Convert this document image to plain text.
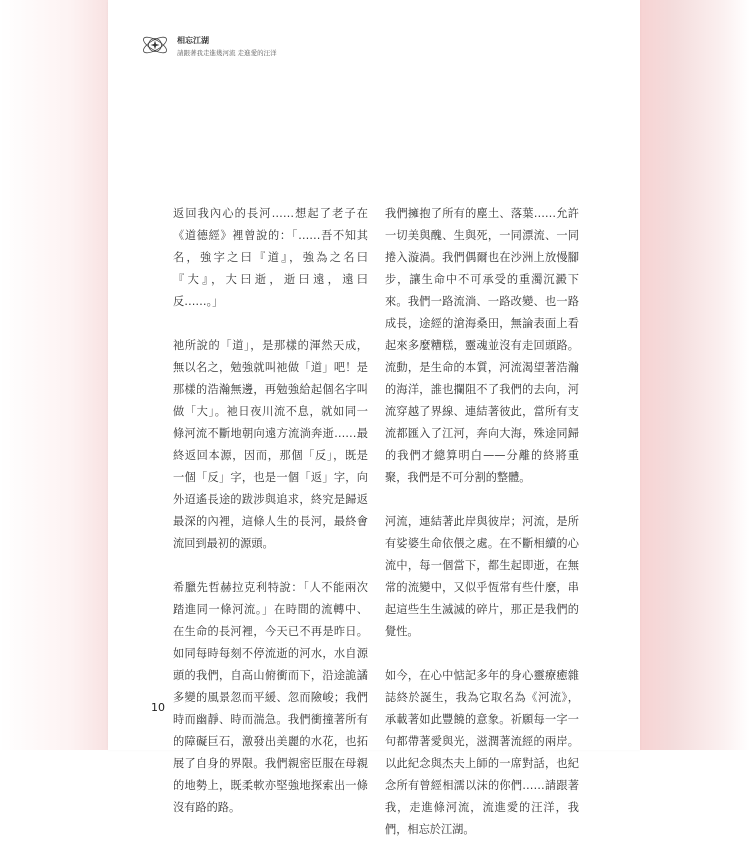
相忘江湖
請跟著我走進幾河流 走進愛的汪洋

返回我內心的長河……想起了老子在《道德經》裡曾說的：「……吾不知其名，強字之曰『道』，強為之名曰『大』，大曰逝，逝曰遠，遠曰反……。」

祂所說的「道」，是那樣的渾然天成，無以名之，勉強就叫祂做「道」吧！是那樣的浩瀚無邊，再勉強給起個名字叫做「大」。祂日夜川流不息，就如同一條河流不斷地朝向遠方流淌奔逝……最終返回本源，因而，那個「反」，既是一個「反」字，也是一個「返」字，向外迢遙長途的跋涉與追求，終究是歸返最深的內裡，這條人生的長河，最終會流回到最初的源頭。

希臘先哲赫拉克利特說：「人不能兩次踏進同一條河流。」在時間的流轉中、在生命的長河裡，今天已不再是昨日。如同每時每刻不停流逝的河水，水自源頭的我們，自高山俯衝而下，沿途詭譎多變的風景忽而平緩、忽而險峻；我們時而幽靜、時而湍急。我們衝撞著所有的障礙巨石，激發出美麗的水花，也拓展了自身的界限。我們親密臣服在母親的地勢上，既柔軟亦堅強地探索出一條沒有路的路。

我們擁抱了所有的塵土、落葉……允許一切美與醜、生與死，一同漂流、一同捲入漩渦。我們偶爾也在沙洲上放慢腳步，讓生命中不可承受的重濁沉澱下來。我們一路流淌、一路改變、也一路成長，途經的滄海桑田，無論表面上看起來多麼糟糕，靈魂並沒有走回頭路。流動，是生命的本質，河流渴望著浩瀚的海洋，誰也攔阻不了我們的去向，河流穿越了界線、連結著彼此，當所有支流都匯入了江河，奔向大海，殊途同歸的我們才總算明白——分離的終將重聚，我們是不可分割的整體。

河流，連結著此岸與彼岸；河流，是所有娑婆生命依偎之處。在不斷相續的心流中，每一個當下，都生起即逝，在無常的流變中，又似乎恆常有些什麼，串起這些生生滅滅的碎片，那正是我們的覺性。

如今，在心中惦記多年的身心靈療癒雜誌終於誕生，我為它取名為《河流》，承載著如此豐饒的意象。祈願每一字一句都帶著愛與光，滋潤著流經的兩岸。以此紀念與杰夫上師的一席對話，也紀念所有曾經相濡以沫的你們……請跟著我，走進條河流，流進愛的汪洋，我們，相忘於江湖。

10
